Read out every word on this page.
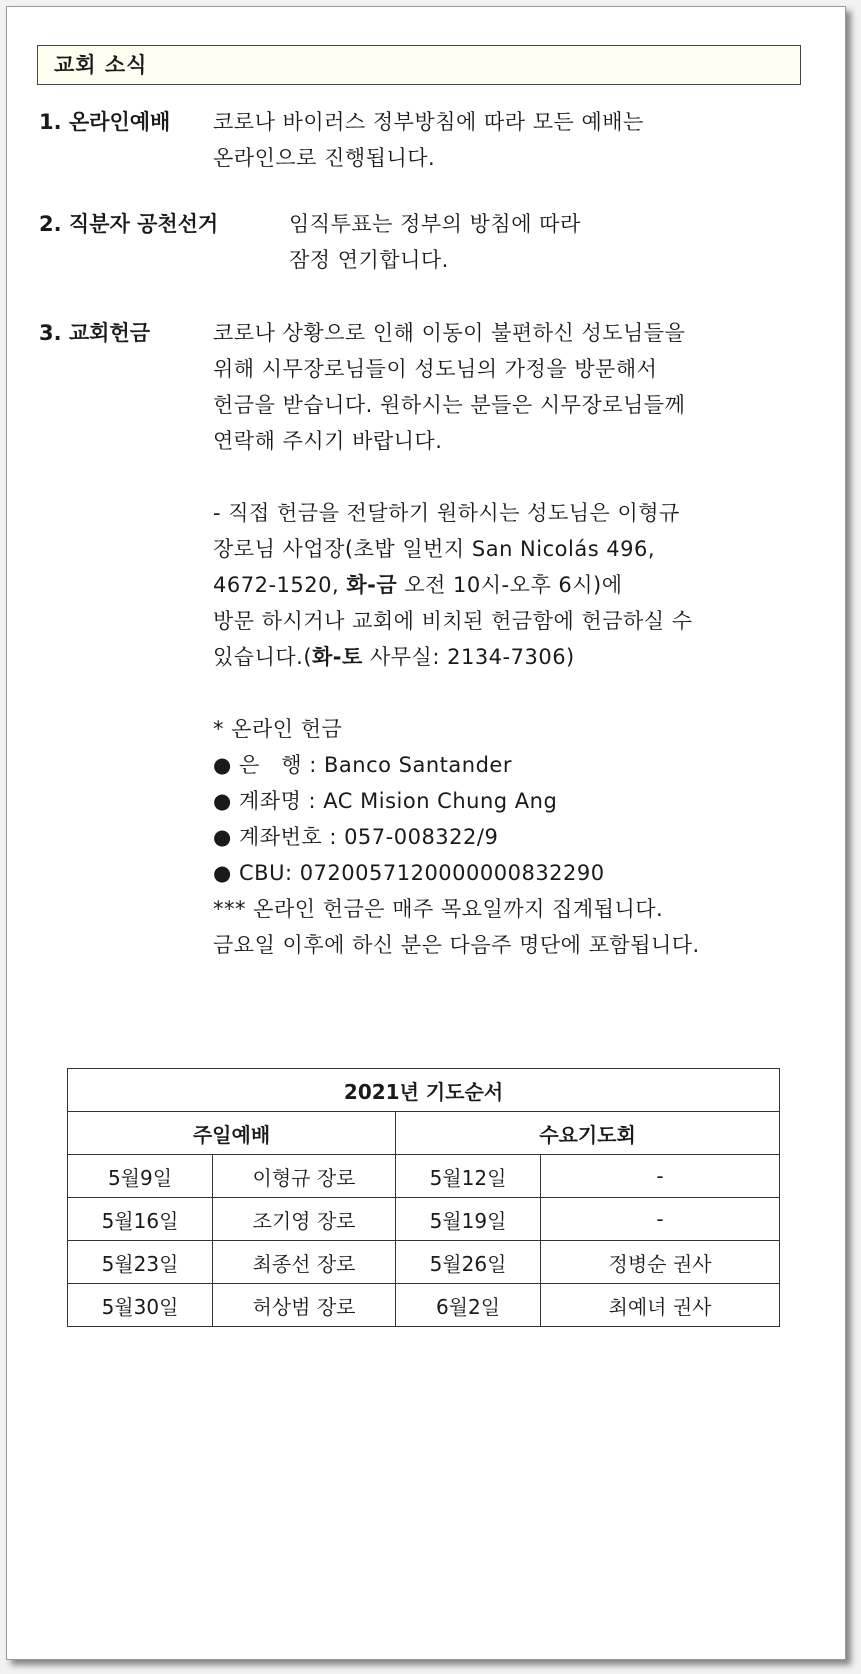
교회 소식
1. 온라인예배 코로나 바이러스 정부방침에 따라 모든 예배는
온라인으로 진행됩니다.
2. 직분자 공천선거	임직투표는 정부의 방침에 따라
잠정 연기합니다.
3. 교회헌금	코로나 상황으로 인해 이동이 불편하신 성도님들을
위해 시무장로님들이 성도님의 가정을 방문해서
헌금을 받습니다. 원하시는 분들은 시무장로님들께
연락해 주시기 바랍니다.
- 직접 헌금을 전달하기 원하시는 성도님은 이형규
장로님 사업장(초밥 일번지 San Nicolás 496,
4672-1520, 화-금 오전 10시-오후 6시)에
방문 하시거나 교회에 비치된 헌금함에 헌금하실 수
있습니다.(화-토 사무실: 2134-7306)
* 온라인 헌금
● 은   행 : Banco Santander
● 계좌명 : AC Mision Chung Ang
● 계좌번호 : 057-008322/9
● CBU: 0720057120000000832290
*** 온라인 헌금은 매주 목요일까지 집계됩니다.
금요일 이후에 하신 분은 다음주 명단에 포함됩니다.
2021년 기도순서			
주일예배		수요기도회	
5월9일	이형규 장로	5월12일	-
5월16일	조기영 장로	5월19일	-
5월23일	최종선 장로	5월26일	정병순 권사
5월30일	허상범 장로	6월2일	최예녀 권사
